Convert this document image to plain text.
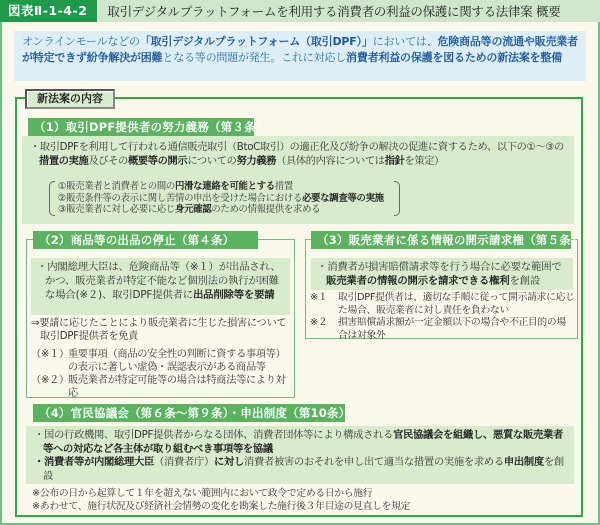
図表Ⅱ-1-4-2	取引デジタルプラットフォームを利用する消費者の利益の保護に関する法律案 概要
オンラインモールなどの「取引デジタルプラットフォーム（取引DPF）」においては、危険商品等の流通や販売業者が特定できず紛争解決が困難となる等の問題が発生。これに対応し消費者利益の保護を図るための新法案を整備
新法案の内容
（1）取引DPF提供者の努力義務（第３条）
・取引DPFを利用して行われる通信販売取引（BtoC取引）の適正化及び紛争の解決の促進に資するため、以下の①～③の措置の実施及びその概要等の開示についての努力義務（具体的内容については指針を策定）
①販売業者と消費者との間の円滑な連絡を可能とする措置
②販売条件等の表示に関し苦情の申出を受けた場合における必要な調査等の実施
③販売業者に対し必要に応じ身元確認のための情報提供を求める
（2）商品等の出品の停止（第４条）
・内閣総理大臣は、危険商品等（※１）が出品され、かつ、販売業者が特定不能など個別法の執行が困難な場合(※２)、取引DPF提供者に出品削除等を要請
⇒要請に応じたことにより販売業者に生じた損害について取引DPF提供者を免責
（※１） 重要事項（商品の安全性の判断に資する事項等）の表示に著しい虚偽・誤認表示がある商品等
（※２） 販売業者が特定可能等の場合は特商法等により対応
（3）販売業者に係る情報の開示請求権（第５条）
・消費者が損害賠償請求等を行う場合に必要な範囲で販売業者の情報の開示を請求できる権利を創設
※１	取引DPF提供者は、適切な手順に従って開示請求に応じた場合、販売業者に対し責任を負わない
※２	損害賠償請求額が一定金額以下の場合や不正目的の場合は対象外
（4）官民協議会（第６条～第９条）・申出制度（第10条）
・国の行政機関、取引DPF提供者からなる団体、消費者団体等により構成される官民協議会を組織し、悪質な販売業者等への対応など各主体が取り組むべき事項等を協議
・消費者等が内閣総理大臣（消費者庁）に対し消費者被害のおそれを申し出て適当な措置の実施を求める申出制度を創設
※公布の日から起算して１年を超えない範囲内において政令で定める日から施行
※あわせて、施行状況及び経済社会情勢の変化を勘案した施行後３年目途の見直しを規定
